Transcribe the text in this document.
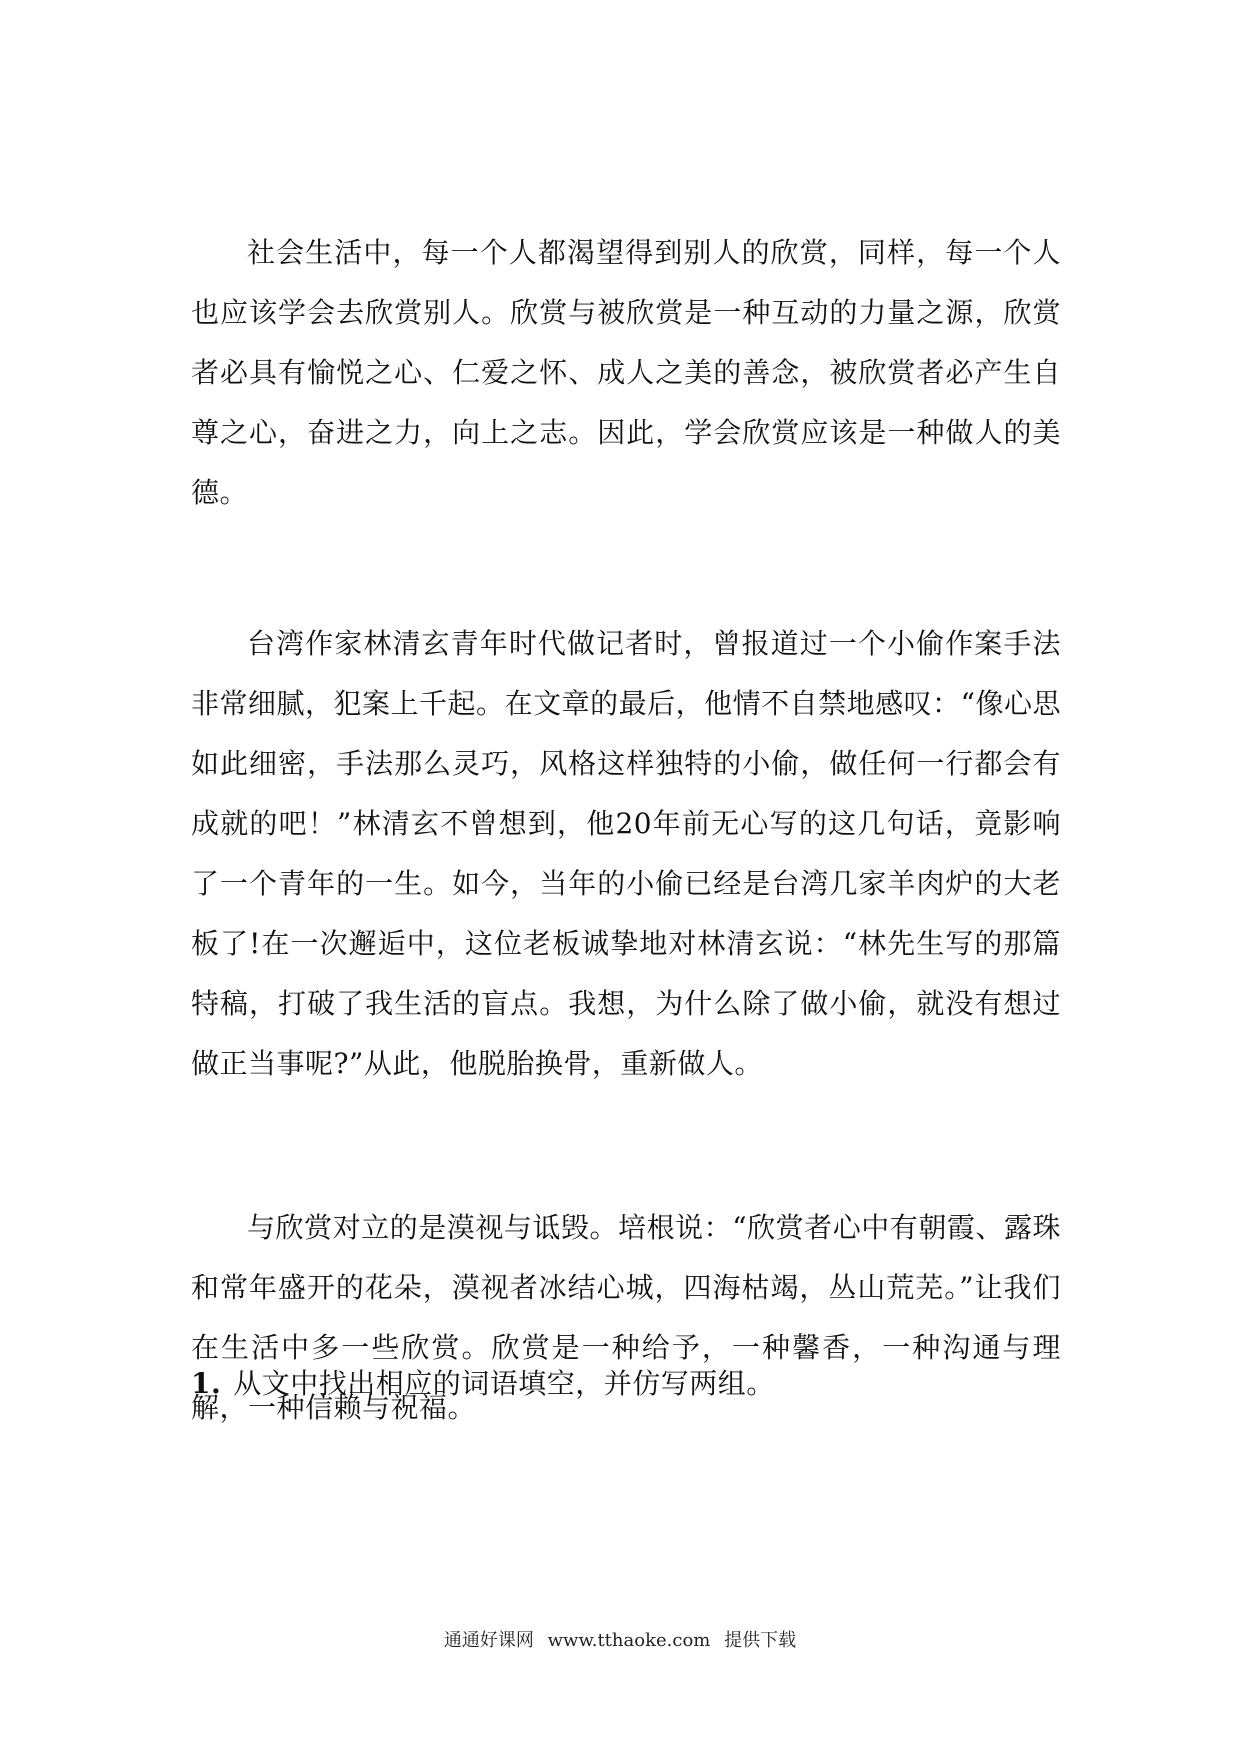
社会生活中，每一个人都渴望得到别人的欣赏，同样，每一个人也应该学会去欣赏别人。欣赏与被欣赏是一种互动的力量之源，欣赏者必具有愉悦之心、仁爱之怀、成人之美的善念，被欣赏者必产生自尊之心，奋进之力，向上之志。因此，学会欣赏应该是一种做人的美德。

台湾作家林清玄青年时代做记者时，曾报道过一个小偷作案手法非常细腻，犯案上千起。在文章的最后，他情不自禁地感叹：“像心思如此细密，手法那么灵巧，风格这样独特的小偷，做任何一行都会有成就的吧！”林清玄不曾想到，他20年前无心写的这几句话，竟影响了一个青年的一生。如今，当年的小偷已经是台湾几家羊肉炉的大老板了!在一次邂逅中，这位老板诚挚地对林清玄说：“林先生写的那篇特稿，打破了我生活的盲点。我想，为什么除了做小偷，就没有想过做正当事呢?”从此，他脱胎换骨，重新做人。

与欣赏对立的是漠视与诋毁。培根说：“欣赏者心中有朝霞、露珠和常年盛开的花朵，漠视者冰结心城，四海枯竭，丛山荒芜。”让我们在生活中多一些欣赏。欣赏是一种给予，一种馨香，一种沟通与理解，一种信赖与祝福。

1. 从文中找出相应的词语填空，并仿写两组。

通通好课网 www.tthaoke.com 提供下载
